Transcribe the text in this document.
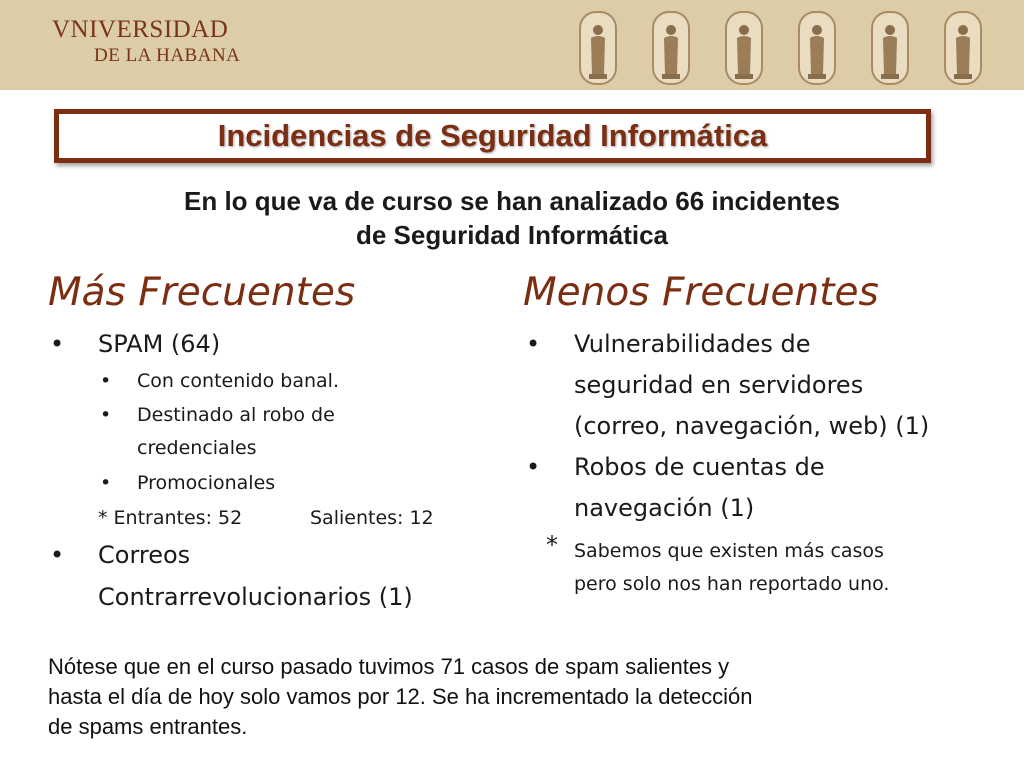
VNIVERSIDAD
DE LA HABANA
Incidencias de Seguridad Informática
En lo que va de curso se han analizado 66 incidentes
de Seguridad Informática
Más Frecuentes
• SPAM (64)
• Con contenido banal.
• Destinado al robo de
credenciales
• Promocionales
* Entrantes: 52	Salientes: 12
• Correos
Contrarrevolucionarios (1)
Menos Frecuentes
• Vulnerabilidades de
seguridad en servidores
(correo, navegación, web) (1)
• Robos de cuentas de
navegación (1)
* Sabemos que existen más casos
pero solo nos han reportado uno.
Nótese que en el curso pasado tuvimos 71 casos de spam salientes y
hasta el día de hoy solo vamos por 12. Se ha incrementado la detección
de spams entrantes.
